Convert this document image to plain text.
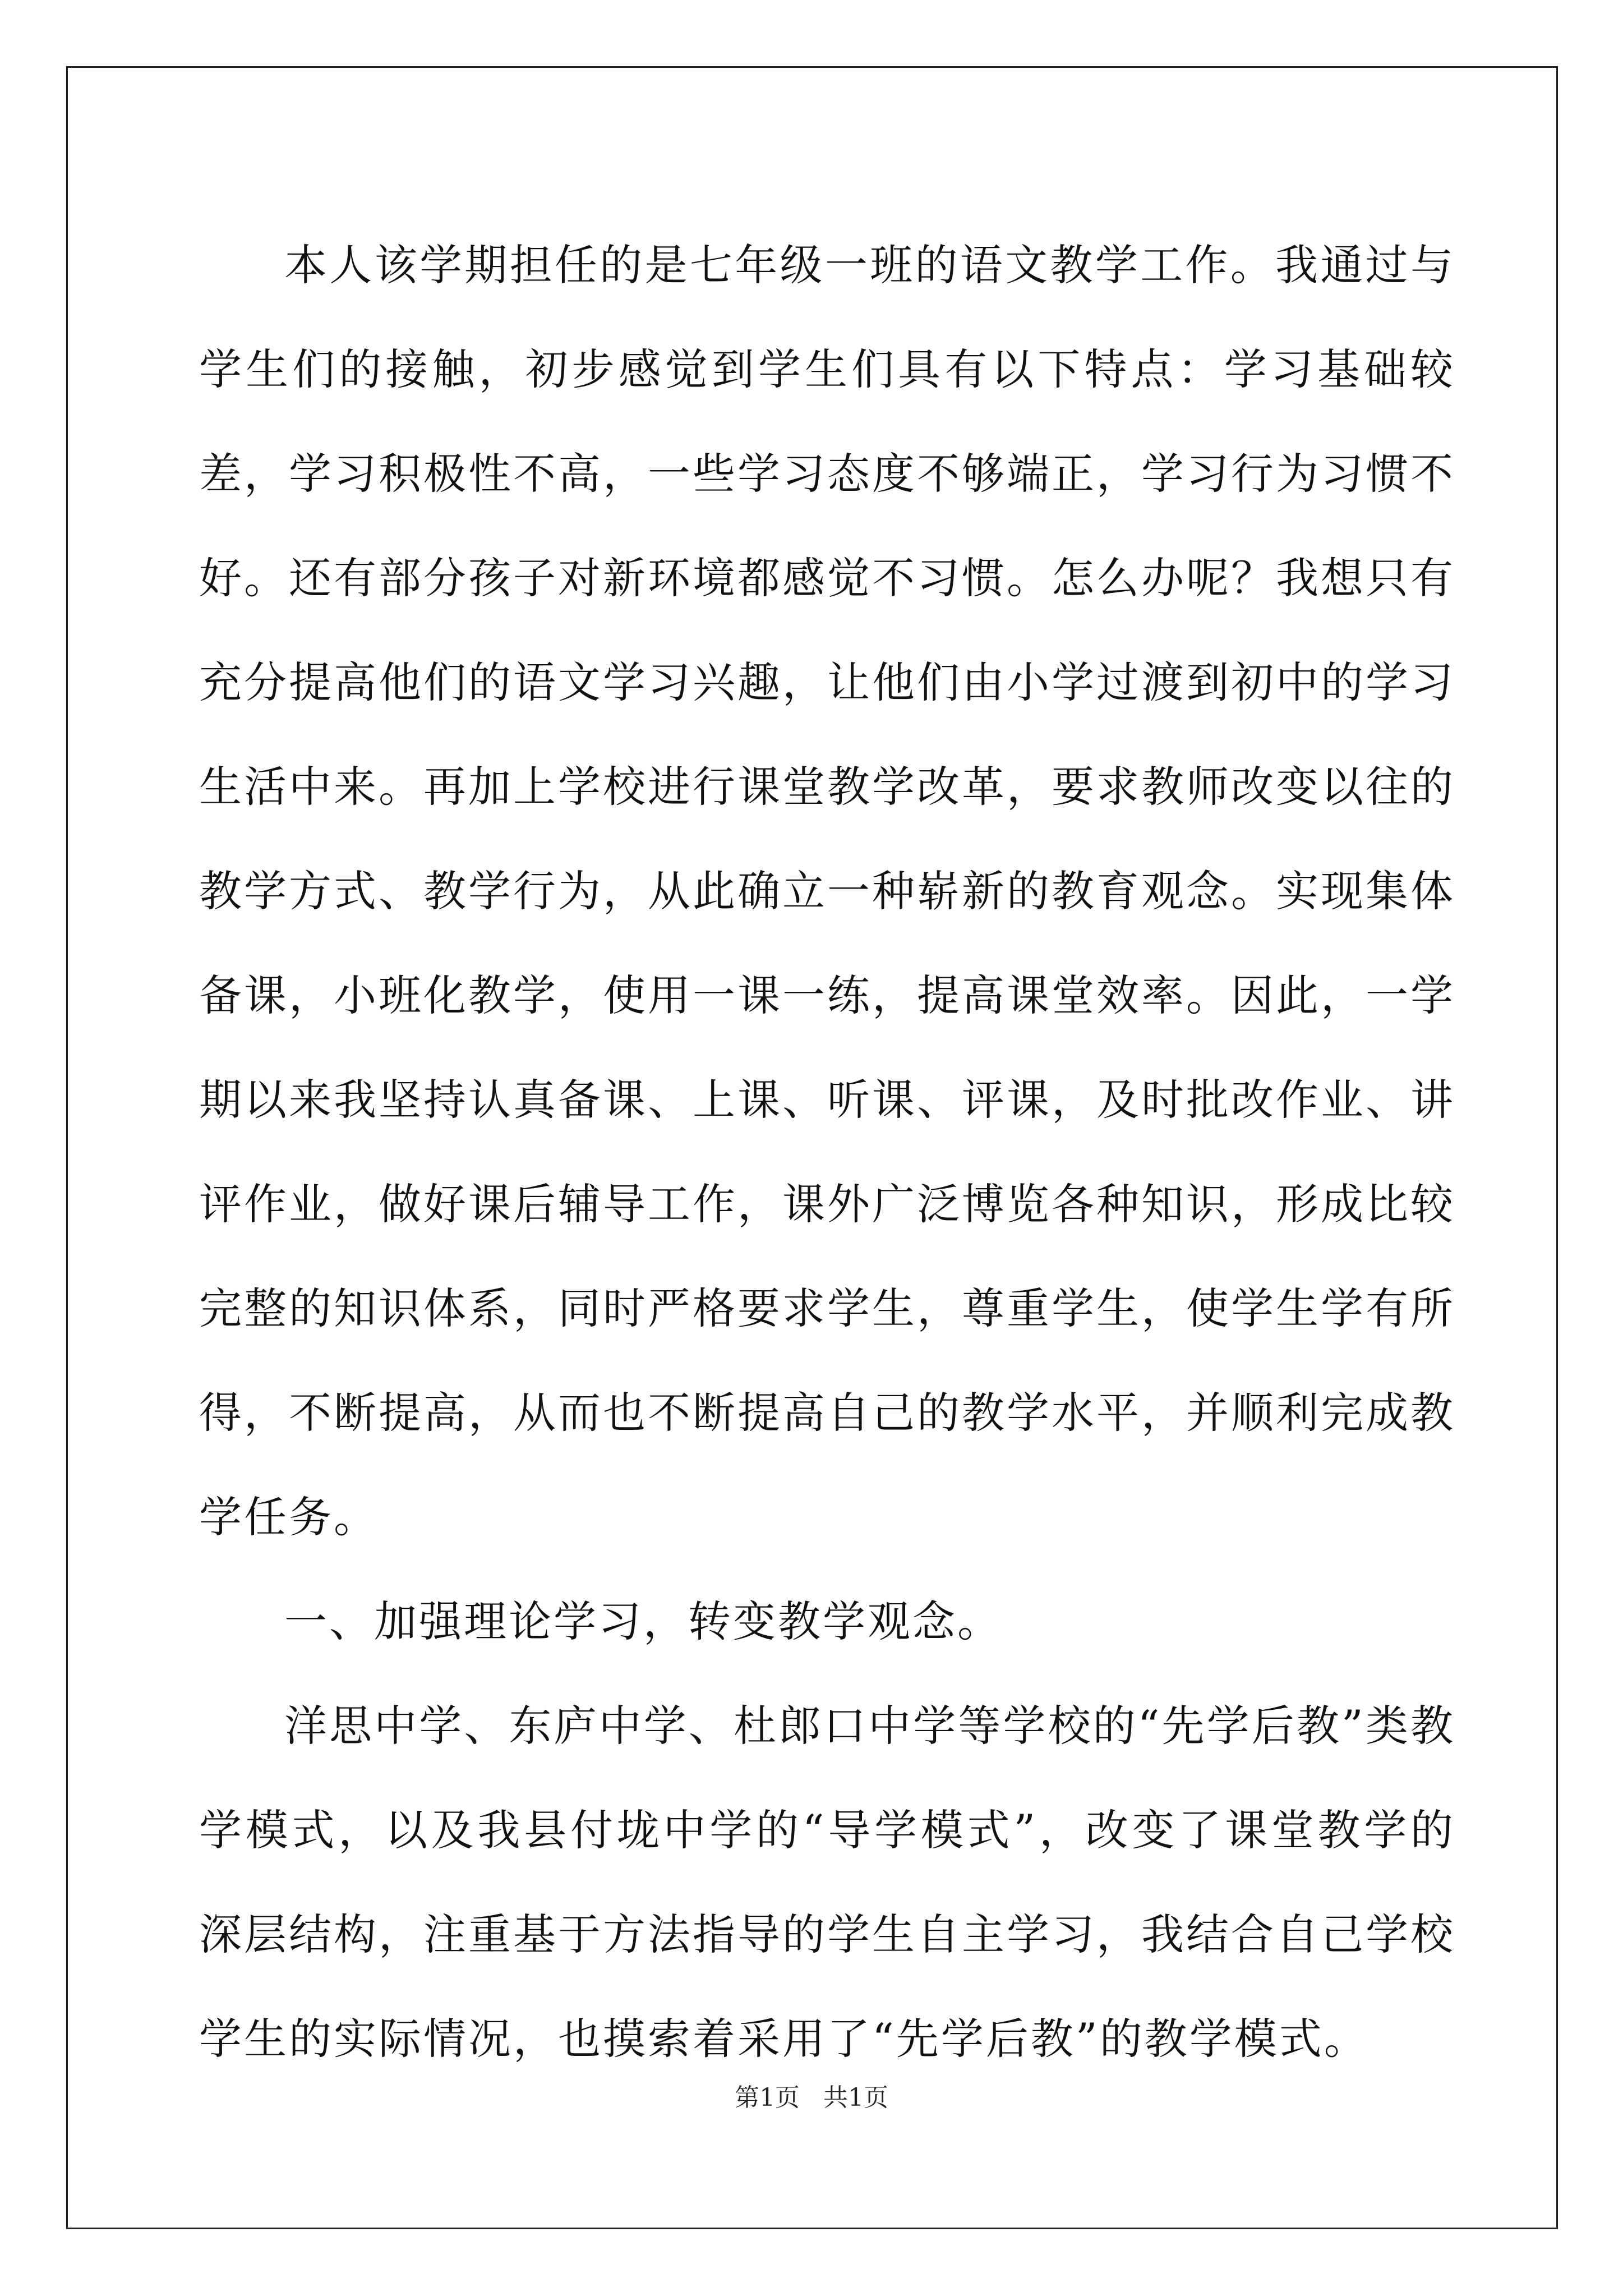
本人该学期担任的是七年级一班的语文教学工作。我通过与学生们的接触，初步感觉到学生们具有以下特点：学习基础较差，学习积极性不高，一些学习态度不够端正，学习行为习惯不好。还有部分孩子对新环境都感觉不习惯。怎么办呢？我想只有充分提高他们的语文学习兴趣，让他们由小学过渡到初中的学习生活中来。再加上学校进行课堂教学改革，要求教师改变以往的教学方式、教学行为，从此确立一种崭新的教育观念。实现集体备课，小班化教学，使用一课一练，提高课堂效率。因此，一学期以来我坚持认真备课、上课、听课、评课，及时批改作业、讲评作业，做好课后辅导工作，课外广泛博览各种知识，形成比较完整的知识体系，同时严格要求学生，尊重学生，使学生学有所得，不断提高，从而也不断提高自己的教学水平，并顺利完成教学任务。

一、加强理论学习，转变教学观念。

洋思中学、东庐中学、杜郎口中学等学校的“先学后教”类教学模式，以及我县付垅中学的“导学模式”，改变了课堂教学的深层结构，注重基于方法指导的学生自主学习，我结合自己学校学生的实际情况，也摸索着采用了“先学后教”的教学模式。

第1页 共1页
